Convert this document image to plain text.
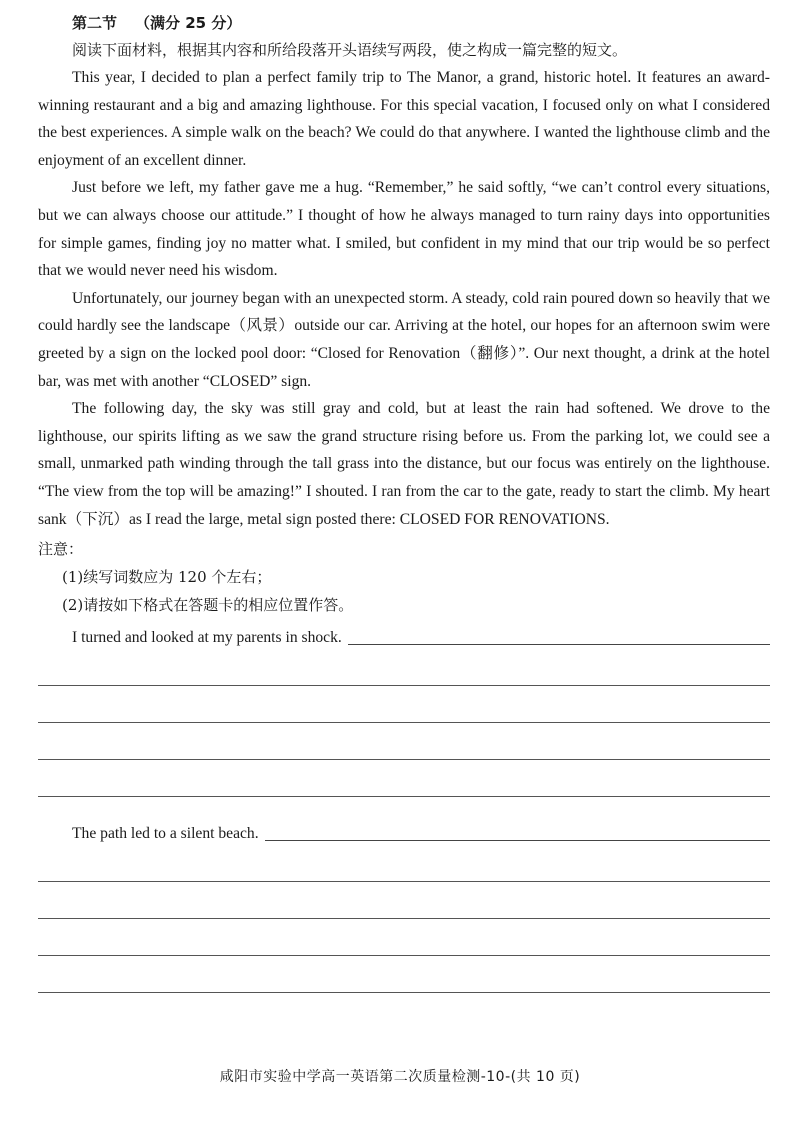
第二节 （满分 25 分）
阅读下面材料，根据其内容和所给段落开头语续写两段，使之构成一篇完整的短文。

This year, I decided to plan a perfect family trip to The Manor, a grand, historic hotel. It features an award-winning restaurant and a big and amazing lighthouse. For this special vacation, I focused only on what I considered the best experiences. A simple walk on the beach? We could do that anywhere. I wanted the lighthouse climb and the enjoyment of an excellent dinner.

Just before we left, my father gave me a hug. “Remember,” he said softly, “we can’t control every situations, but we can always choose our attitude.” I thought of how he always managed to turn rainy days into opportunities for simple games, finding joy no matter what. I smiled, but confident in my mind that our trip would be so perfect that we would never need his wisdom.

Unfortunately, our journey began with an unexpected storm. A steady, cold rain poured down so heavily that we could hardly see the landscape（风景）outside our car. Arriving at the hotel, our hopes for an afternoon swim were greeted by a sign on the locked pool door: “Closed for Renovation（翻修）”. Our next thought, a drink at the hotel bar, was met with another “CLOSED” sign.

The following day, the sky was still gray and cold, but at least the rain had softened. We drove to the lighthouse, our spirits lifting as we saw the grand structure rising before us. From the parking lot, we could see a small, unmarked path winding through the tall grass into the distance, but our focus was entirely on the lighthouse. “The view from the top will be amazing!” I shouted. I ran from the car to the gate, ready to start the climb. My heart sank（下沉）as I read the large, metal sign posted there: CLOSED FOR RENOVATIONS.

注意：
(1)续写词数应为 120 个左右；
(2)请按如下格式在答题卡的相应位置作答。
I turned and looked at my parents in shock.
The path led to a silent beach.
咸阳市实验中学高一英语第二次质量检测-10-(共 10 页)
